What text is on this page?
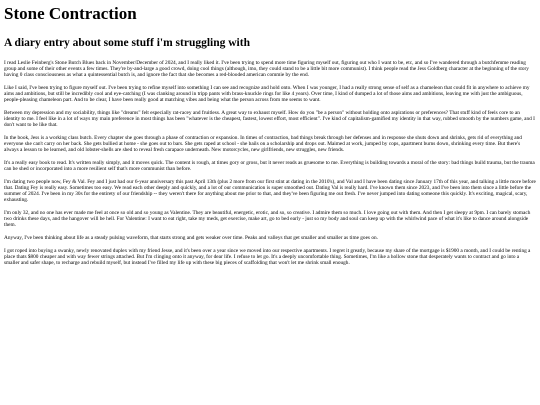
Stone Contraction
A diary entry about some stuff i'm struggling with

I read Leslie Feinberg's Stone Butch Blues back in November/December of 2024, and I really liked it. I've been trying to spend more time figuring myself out, figuring out who I want to be, etc, and so I've wandered through a butchfemme reading group and some of their other events a few times. They're by-and-large a good crowd, doing cool things (although, imo, they could stand to be a little bit more communist). I think people read the Jess Goldberg character at the beginning of the story having 0 class consciousness as what a quintessential butch is, and ignore the fact that she becomes a red-blooded american commie by the end.

Like I said, I've been trying to figure myself out. I've been trying to refine myself into something I can see and recognize and hold onto. When I was younger, I had a really strong sense of self as a chameleon that could fit in anywhere to achieve my aims and ambitions, but still be incredibly cool and eye-catching (I was clanking around in tripp pants with brass-knuckle rings for like 4 years). Over time, I kind of dumped a lot of those aims and ambitions, leaving me with just the ambiguous, people-pleasing chameleon part. And to be clear, I have been really good at matching vibes and being what the person across from me seems to want.

Between my depression and my sociability, things like "dreams" felt especially rat-racey and fruitless. A great way to exhaust myself. How do you "be a person" without holding onto aspirations or preferences? That stuff kind of feels core to an identity to me. I feel like in a lot of ways my main preference in most things has been "whatever is the cheapest, fastest, lowest effort, most efficient". I've kind of capitalism-gamified my identity in that way, rubbed smooth by the numbers game, and I don't want to be like that.

In the book, Jess is a working class butch. Every chapter she goes through a phase of contraction or expansion. In times of contraction, bad things break through her defenses and in response she shuts down and shrinks, gets rid of everything and everyone she can't carry on her back. She gets bullied at home - she goes out to bars. She gets raped at school - she bails on a scholarship and drops out. Maimed at work, jumped by cops, apartment burns down, shrinking every time. But there's always a lesson to be learned, and old lobster-shells are shed to reveal fresh carapace underneath. New motorcycles, new girlfriends, new struggles, new friends.

It's a really easy book to read. It's written really simply, and it moves quick. The content is rough, at times gory or gross, but it never reads as gruesome to me. Everything is building towards a moral of the story: bad things build trauma, but the trauma can be shed or incorporated into a more resilient self that's more communist than before.

I'm dating two people now, Fey & Val. Fey and I just had our 6-year anniversary this past April 13th (plus 2 more from our first stint at dating in the 2010's), and Val and I have been dating since January 17th of this year, and talking a little more before that. Dating Fey is really easy. Sometimes too easy. We read each other deeply and quickly, and a lot of our communication is super smoothed out. Dating Val is really hard. I've known them since 2023, and I've been into them since a little before the summer of 2024. I've been in my 30s for the entirety of our friendship -- they weren't there for anything about me prior to that, and they've been figuring me out fresh. I've never jumped into dating someone this quickly. It's exciting, magical, scary, exhausting.

I'm only 32, and no one has ever made me feel at once so old and so young as Valentine. They are beautiful, energetic, erotic, and so, so creative. I admire them so much. I love going out with them. And then I get sleepy at 9pm. I can barely stomach two drinks these days, and the hangover will be hell. For Valentine: I want to eat right, take my meds, get exercise, make art, go to bed early - just so my body and soul can keep up with the whirlwind pace of what it's like to dance around alongside them.

Anyway, I've been thinking about life as a steady pulsing waveform, that starts strong and gets weaker over time. Peaks and valleys that get smaller and smaller as time goes on.

I got roped into buying a swanky, newly renovated duplex with my friend Jesse, and it's been over a year since we moved into our respective apartments. I regret it greatly, because my share of the mortgage is $1900 a month, and I could be renting a place thats $800 cheaper and with way fewer strings attached. But I'm clinging onto it anyway, for dear life. I refuse to let go. It's a deeply uncomfortable thing. Sometimes, I'm like a hollow stone that desperately wants to contract and go into a smaller and safer shape, to recharge and rebuild myself, but instead I've filled my life up with these big pieces of scaffolding that won't let me shrink small enough.
